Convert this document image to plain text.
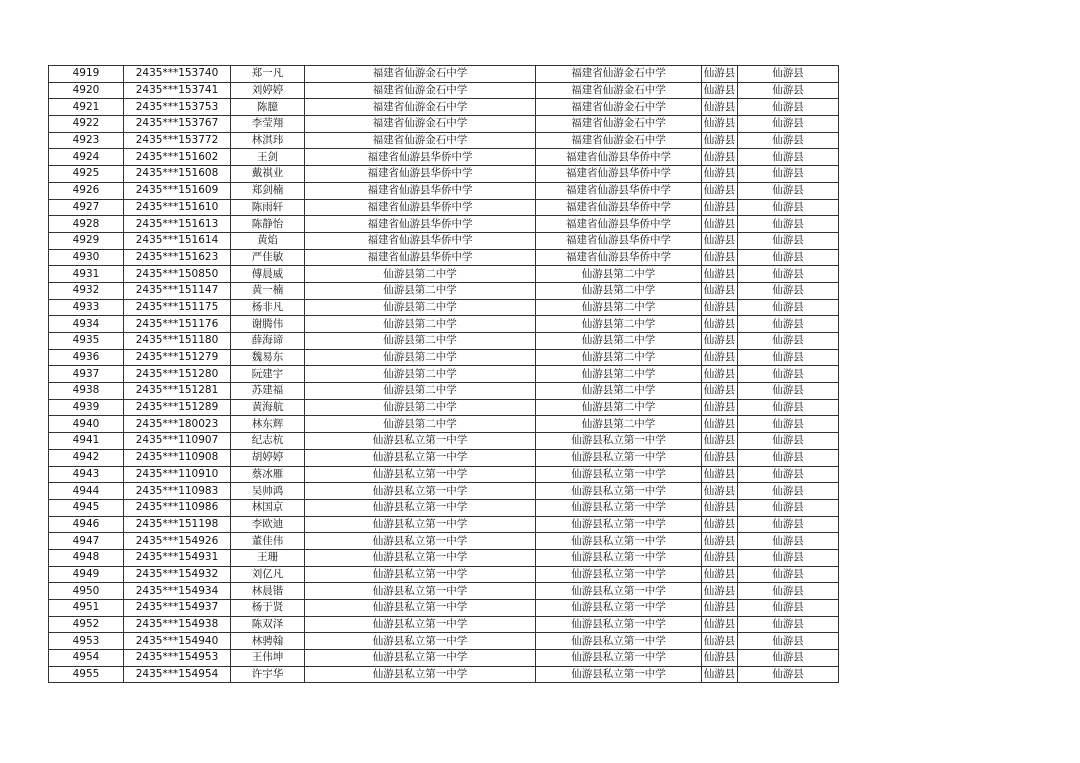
4919	2435***153740	郑一凡	福建省仙游金石中学	福建省仙游金石中学	仙游县	仙游县
4920	2435***153741	刘婷婷	福建省仙游金石中学	福建省仙游金石中学	仙游县	仙游县
4921	2435***153753	陈臆	福建省仙游金石中学	福建省仙游金石中学	仙游县	仙游县
4922	2435***153767	李莹翔	福建省仙游金石中学	福建省仙游金石中学	仙游县	仙游县
4923	2435***153772	林淇玮	福建省仙游金石中学	福建省仙游金石中学	仙游县	仙游县
4924	2435***151602	王剑	福建省仙游县华侨中学	福建省仙游县华侨中学	仙游县	仙游县
4925	2435***151608	戴祺业	福建省仙游县华侨中学	福建省仙游县华侨中学	仙游县	仙游县
4926	2435***151609	郑剑楠	福建省仙游县华侨中学	福建省仙游县华侨中学	仙游县	仙游县
4927	2435***151610	陈雨轩	福建省仙游县华侨中学	福建省仙游县华侨中学	仙游县	仙游县
4928	2435***151613	陈静怡	福建省仙游县华侨中学	福建省仙游县华侨中学	仙游县	仙游县
4929	2435***151614	黄焰	福建省仙游县华侨中学	福建省仙游县华侨中学	仙游县	仙游县
4930	2435***151623	严佳敏	福建省仙游县华侨中学	福建省仙游县华侨中学	仙游县	仙游县
4931	2435***150850	傅晨威	仙游县第二中学	仙游县第二中学	仙游县	仙游县
4932	2435***151147	黄一楠	仙游县第二中学	仙游县第二中学	仙游县	仙游县
4933	2435***151175	杨非凡	仙游县第二中学	仙游县第二中学	仙游县	仙游县
4934	2435***151176	谢腾伟	仙游县第二中学	仙游县第二中学	仙游县	仙游县
4935	2435***151180	薛海谛	仙游县第二中学	仙游县第二中学	仙游县	仙游县
4936	2435***151279	魏易东	仙游县第二中学	仙游县第二中学	仙游县	仙游县
4937	2435***151280	阮建宇	仙游县第二中学	仙游县第二中学	仙游县	仙游县
4938	2435***151281	苏建福	仙游县第二中学	仙游县第二中学	仙游县	仙游县
4939	2435***151289	黄海航	仙游县第二中学	仙游县第二中学	仙游县	仙游县
4940	2435***180023	林东辉	仙游县第二中学	仙游县第二中学	仙游县	仙游县
4941	2435***110907	纪志杭	仙游县私立第一中学	仙游县私立第一中学	仙游县	仙游县
4942	2435***110908	胡婷婷	仙游县私立第一中学	仙游县私立第一中学	仙游县	仙游县
4943	2435***110910	蔡冰雁	仙游县私立第一中学	仙游县私立第一中学	仙游县	仙游县
4944	2435***110983	吴帅鸿	仙游县私立第一中学	仙游县私立第一中学	仙游县	仙游县
4945	2435***110986	林国京	仙游县私立第一中学	仙游县私立第一中学	仙游县	仙游县
4946	2435***151198	李欧迪	仙游县私立第一中学	仙游县私立第一中学	仙游县	仙游县
4947	2435***154926	董佳伟	仙游县私立第一中学	仙游县私立第一中学	仙游县	仙游县
4948	2435***154931	王珊	仙游县私立第一中学	仙游县私立第一中学	仙游县	仙游县
4949	2435***154932	刘亿凡	仙游县私立第一中学	仙游县私立第一中学	仙游县	仙游县
4950	2435***154934	林晨锴	仙游县私立第一中学	仙游县私立第一中学	仙游县	仙游县
4951	2435***154937	杨于贤	仙游县私立第一中学	仙游县私立第一中学	仙游县	仙游县
4952	2435***154938	陈双泽	仙游县私立第一中学	仙游县私立第一中学	仙游县	仙游县
4953	2435***154940	林骋翰	仙游县私立第一中学	仙游县私立第一中学	仙游县	仙游县
4954	2435***154953	王伟坤	仙游县私立第一中学	仙游县私立第一中学	仙游县	仙游县
4955	2435***154954	许宇华	仙游县私立第一中学	仙游县私立第一中学	仙游县	仙游县
